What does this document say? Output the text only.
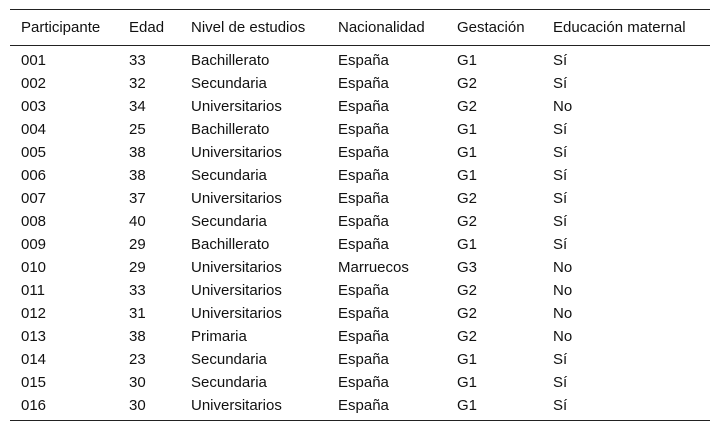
Participante	Edad	Nivel de estudios	Nacionalidad	Gestación	Educación maternal
001	33	Bachillerato	España	G1	Sí
002	32	Secundaria	España	G2	Sí
003	34	Universitarios	España	G2	No
004	25	Bachillerato	España	G1	Sí
005	38	Universitarios	España	G1	Sí
006	38	Secundaria	España	G1	Sí
007	37	Universitarios	España	G2	Sí
008	40	Secundaria	España	G2	Sí
009	29	Bachillerato	España	G1	Sí
010	29	Universitarios	Marruecos	G3	No
011	33	Universitarios	España	G2	No
012	31	Universitarios	España	G2	No
013	38	Primaria	España	G2	No
014	23	Secundaria	España	G1	Sí
015	30	Secundaria	España	G1	Sí
016	30	Universitarios	España	G1	Sí
